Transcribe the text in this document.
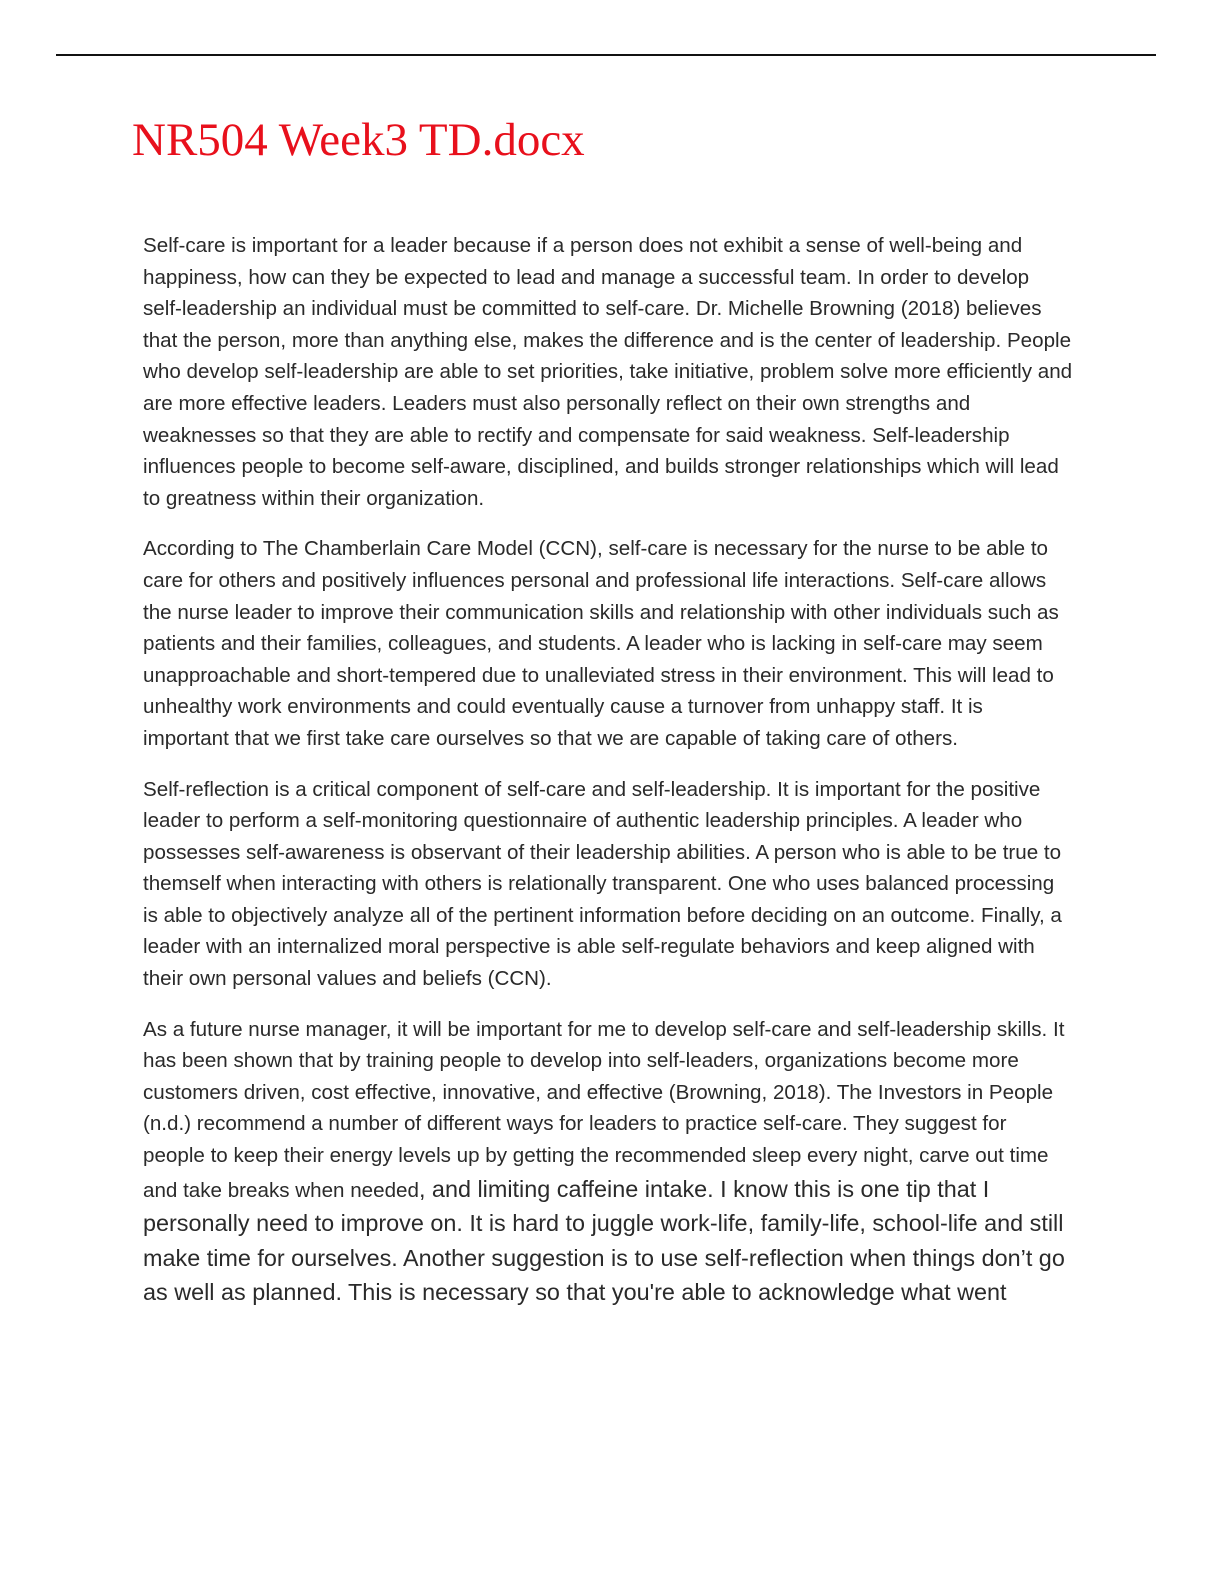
NR504 Week3 TD.docx

Self-care is important for a leader because if a person does not exhibit a sense of well-being and happiness, how can they be expected to lead and manage a successful team. In order to develop self-leadership an individual must be committed to self-care. Dr. Michelle Browning (2018) believes that the person, more than anything else, makes the difference and is the center of leadership. People who develop self-leadership are able to set priorities, take initiative, problem solve more efficiently and are more effective leaders. Leaders must also personally reflect on their own strengths and weaknesses so that they are able to rectify and compensate for said weakness. Self-leadership influences people to become self-aware, disciplined, and builds stronger relationships which will lead to greatness within their organization.

According to The Chamberlain Care Model (CCN), self-care is necessary for the nurse to be able to care for others and positively influences personal and professional life interactions. Self-care allows the nurse leader to improve their communication skills and relationship with other individuals such as patients and their families, colleagues, and students. A leader who is lacking in self-care may seem unapproachable and short-tempered due to unalleviated stress in their environment. This will lead to unhealthy work environments and could eventually cause a turnover from unhappy staff. It is important that we first take care ourselves so that we are capable of taking care of others.

Self-reflection is a critical component of self-care and self-leadership. It is important for the positive leader to perform a self-monitoring questionnaire of authentic leadership principles. A leader who possesses self-awareness is observant of their leadership abilities. A person who is able to be true to themself when interacting with others is relationally transparent. One who uses balanced processing is able to objectively analyze all of the pertinent information before deciding on an outcome. Finally, a leader with an internalized moral perspective is able self-regulate behaviors and keep aligned with their own personal values and beliefs (CCN).

As a future nurse manager, it will be important for me to develop self-care and self-leadership skills. It has been shown that by training people to develop into self-leaders, organizations become more customers driven, cost effective, innovative, and effective (Browning, 2018). The Investors in People (n.d.) recommend a number of different ways for leaders to practice self-care. They suggest for people to keep their energy levels up by getting the recommended sleep every night, carve out time and take breaks when needed, and limiting caffeine intake. I know this is one tip that I personally need to improve on. It is hard to juggle work-life, family-life, school-life and still make time for ourselves. Another suggestion is to use self-reflection when things don’t go as well as planned. This is necessary so that you're able to acknowledge what went
